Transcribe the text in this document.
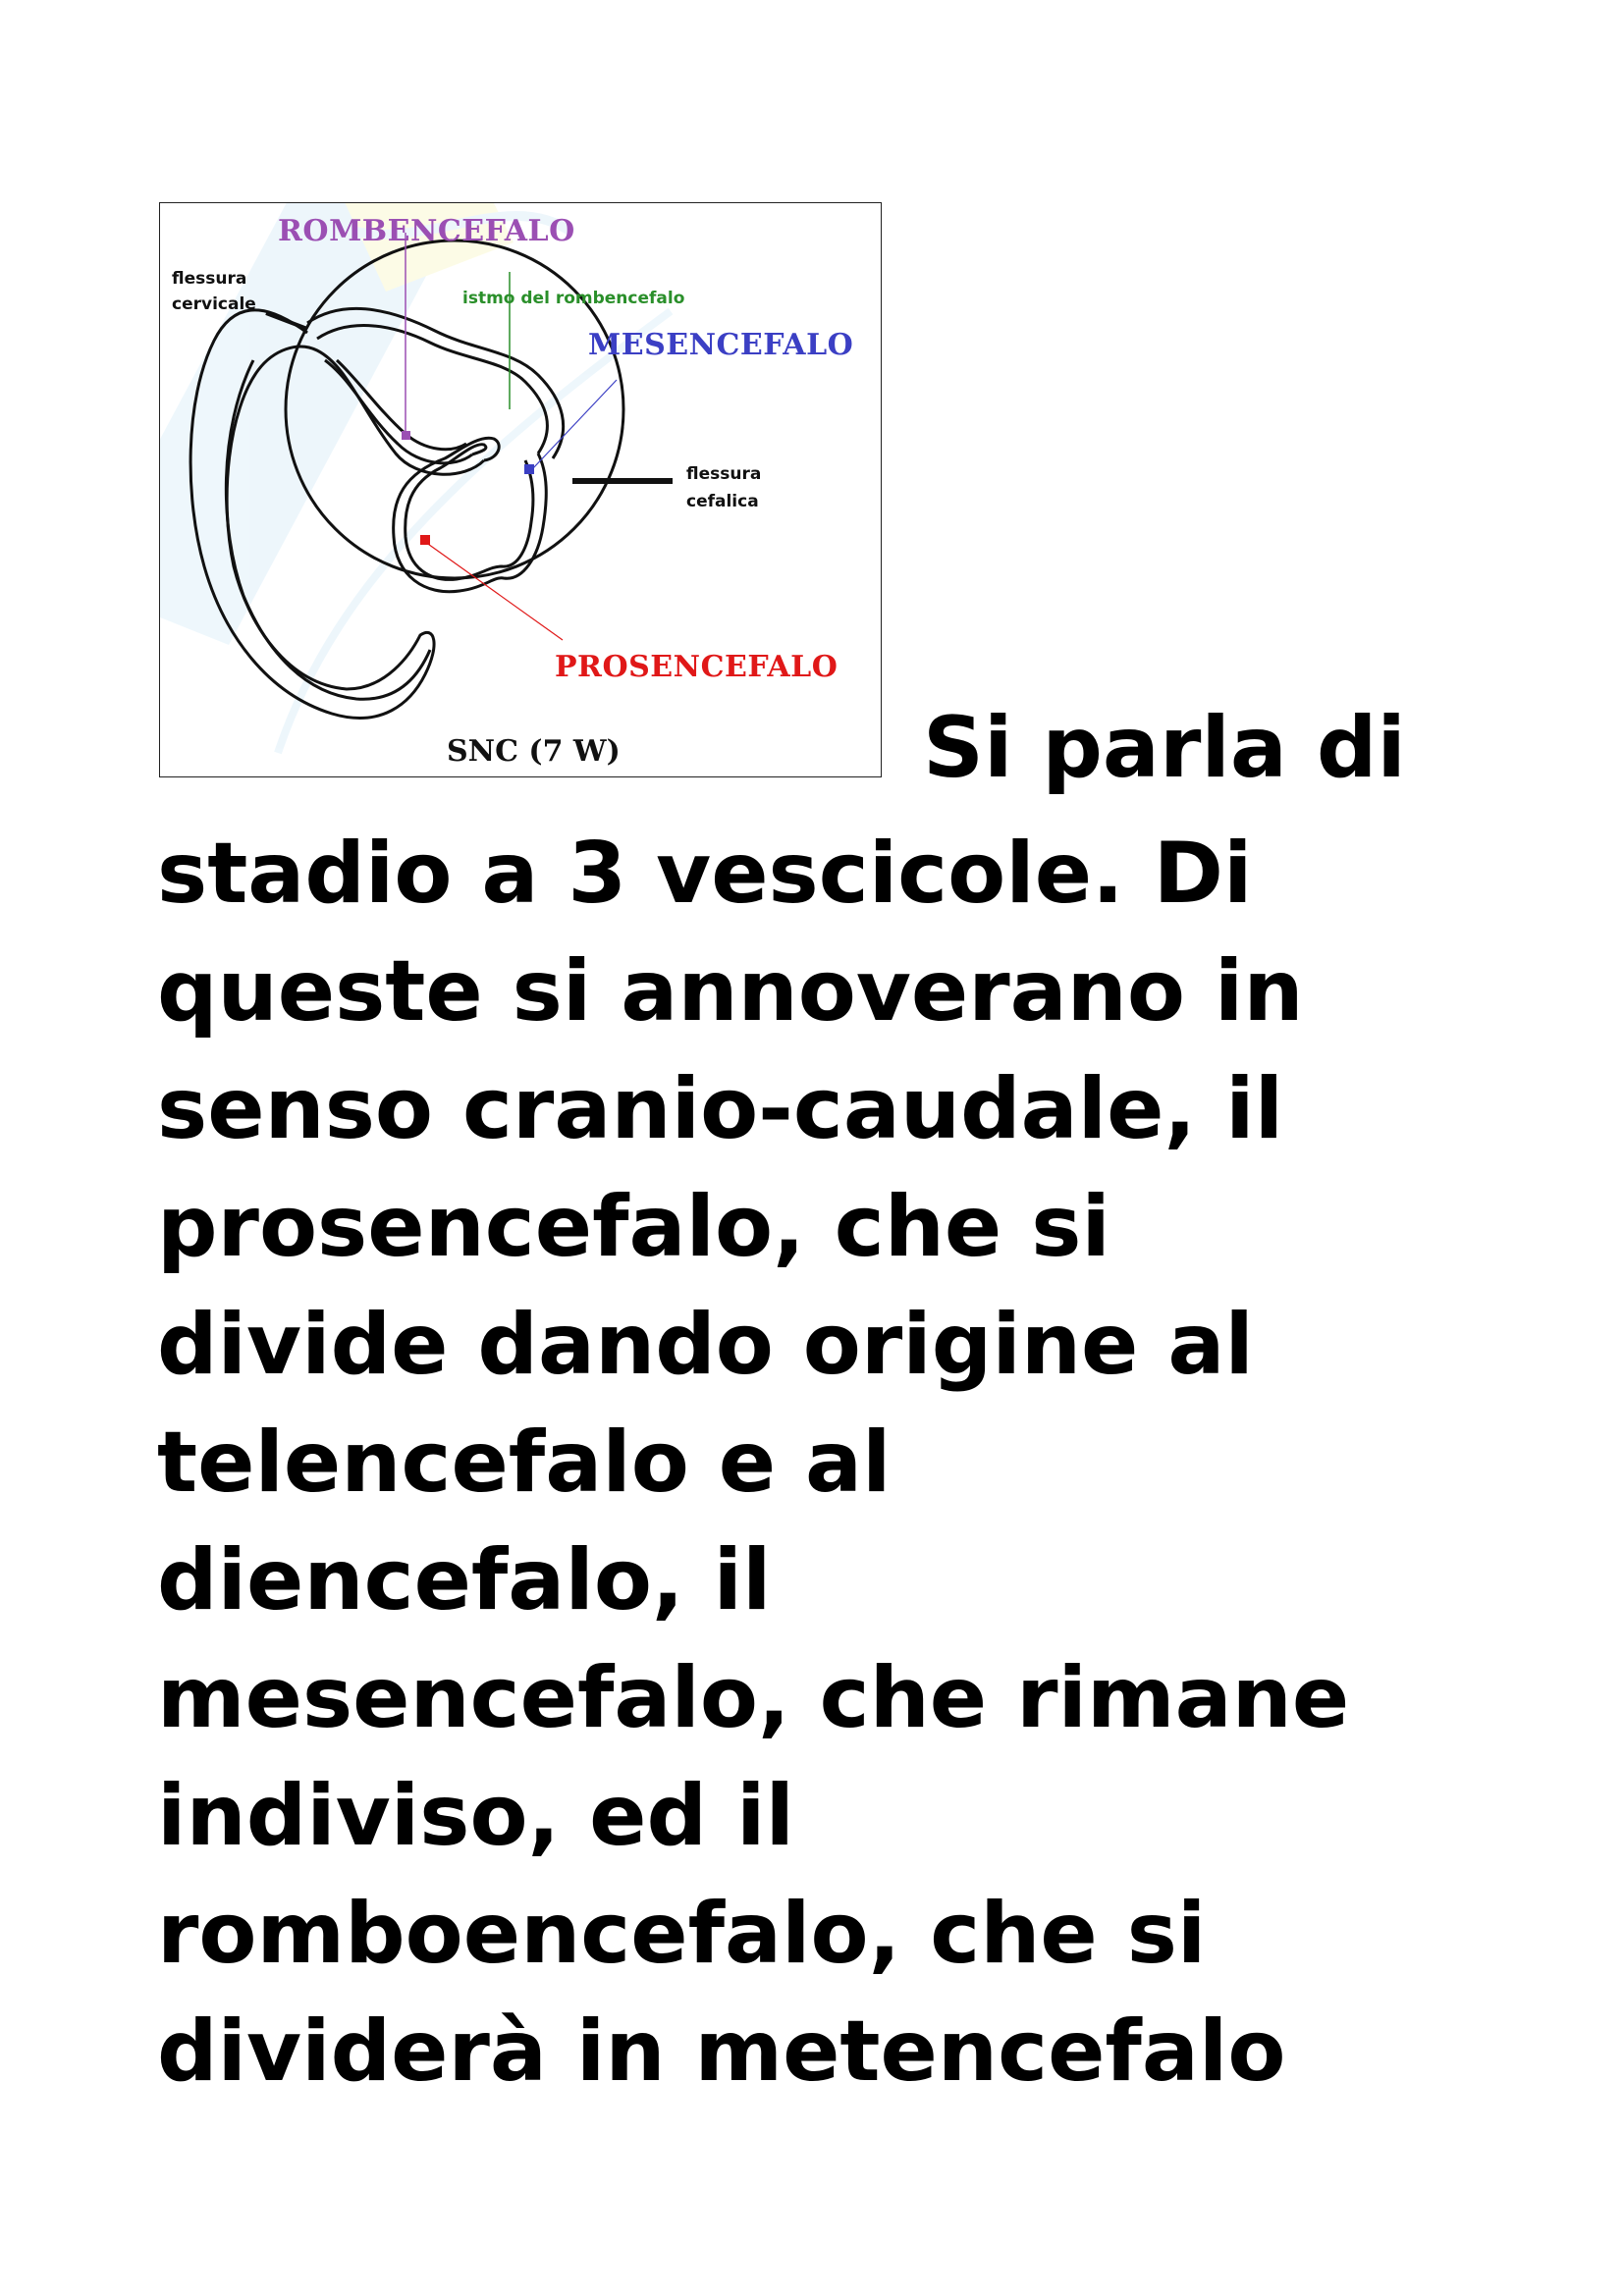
ROMBENCEFALO
flessura
cervicale	istmo del rombencefalo
MESENCEFALO
flessura
cefalica
PROSENCEFALO
SNC (7 W)	Si parla di
stadio a 3 vescicole. Di
queste si annoverano in
senso cranio-caudale, il
prosencefalo, che si
divide dando origine al
telencefalo e al
diencefalo, il
mesencefalo, che rimane
indiviso, ed il
romboencefalo, che si
dividerà in metencefalo
